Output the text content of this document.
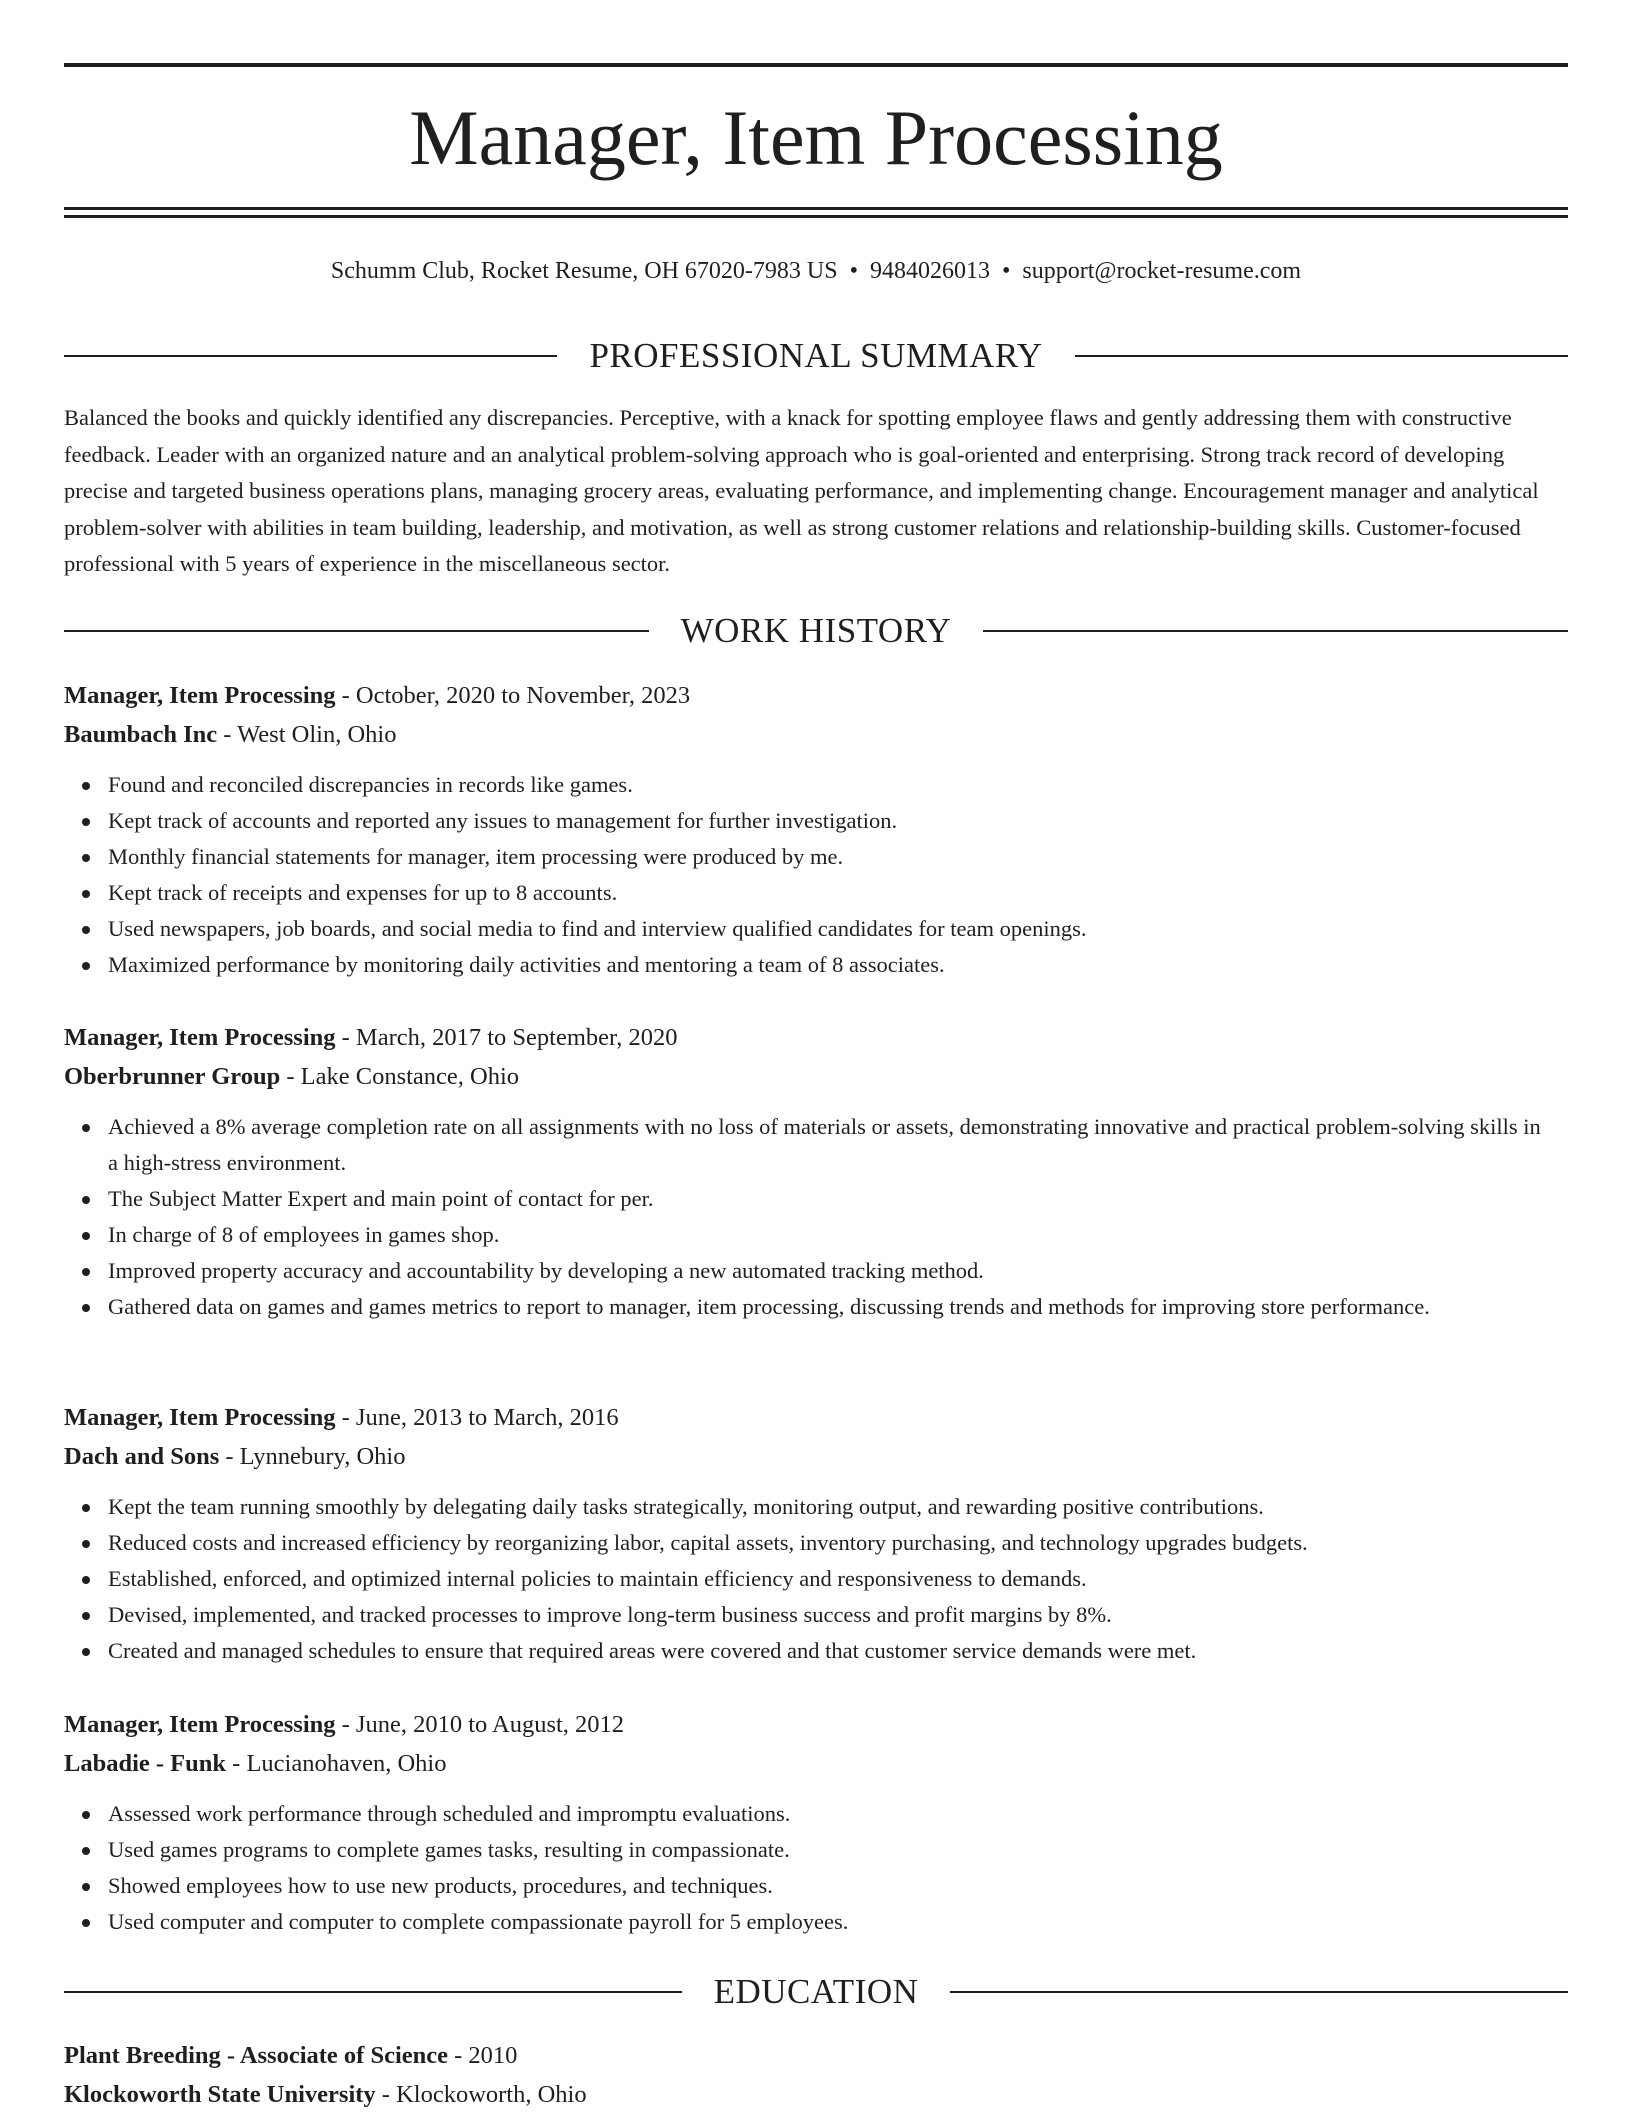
Manager, Item Processing
Schumm Club, Rocket Resume, OH 67020-7983 US • 9484026013 • support@rocket-resume.com
PROFESSIONAL SUMMARY

Balanced the books and quickly identified any discrepancies. Perceptive, with a knack for spotting employee flaws and gently addressing them with constructive feedback. Leader with an organized nature and an analytical problem-solving approach who is goal-oriented and enterprising. Strong track record of developing precise and targeted business operations plans, managing grocery areas, evaluating performance, and implementing change. Encouragement manager and analytical problem-solver with abilities in team building, leadership, and motivation, as well as strong customer relations and relationship-building skills. Customer-focused professional with 5 years of experience in the miscellaneous sector.

WORK HISTORY
Manager, Item Processing - October, 2020 to November, 2023
Baumbach Inc - West Olin, Ohio
Found and reconciled discrepancies in records like games.
Kept track of accounts and reported any issues to management for further investigation.
Monthly financial statements for manager, item processing were produced by me.
Kept track of receipts and expenses for up to 8 accounts.
Used newspapers, job boards, and social media to find and interview qualified candidates for team openings.
Maximized performance by monitoring daily activities and mentoring a team of 8 associates.
Manager, Item Processing - March, 2017 to September, 2020
Oberbrunner Group - Lake Constance, Ohio
Achieved a 8% average completion rate on all assignments with no loss of materials or assets, demonstrating innovative and practical problem-solving skills in a high-stress environment.
The Subject Matter Expert and main point of contact for per.
In charge of 8 of employees in games shop.
Improved property accuracy and accountability by developing a new automated tracking method.
Gathered data on games and games metrics to report to manager, item processing, discussing trends and methods for improving store performance.
Manager, Item Processing - June, 2013 to March, 2016
Dach and Sons - Lynnebury, Ohio
Kept the team running smoothly by delegating daily tasks strategically, monitoring output, and rewarding positive contributions.
Reduced costs and increased efficiency by reorganizing labor, capital assets, inventory purchasing, and technology upgrades budgets.
Established, enforced, and optimized internal policies to maintain efficiency and responsiveness to demands.
Devised, implemented, and tracked processes to improve long-term business success and profit margins by 8%.
Created and managed schedules to ensure that required areas were covered and that customer service demands were met.
Manager, Item Processing - June, 2010 to August, 2012
Labadie - Funk - Lucianohaven, Ohio
Assessed work performance through scheduled and impromptu evaluations.
Used games programs to complete games tasks, resulting in compassionate.
Showed employees how to use new products, procedures, and techniques.
Used computer and computer to complete compassionate payroll for 5 employees.
EDUCATION
Plant Breeding - Associate of Science - 2010
Klockoworth State University - Klockoworth, Ohio
